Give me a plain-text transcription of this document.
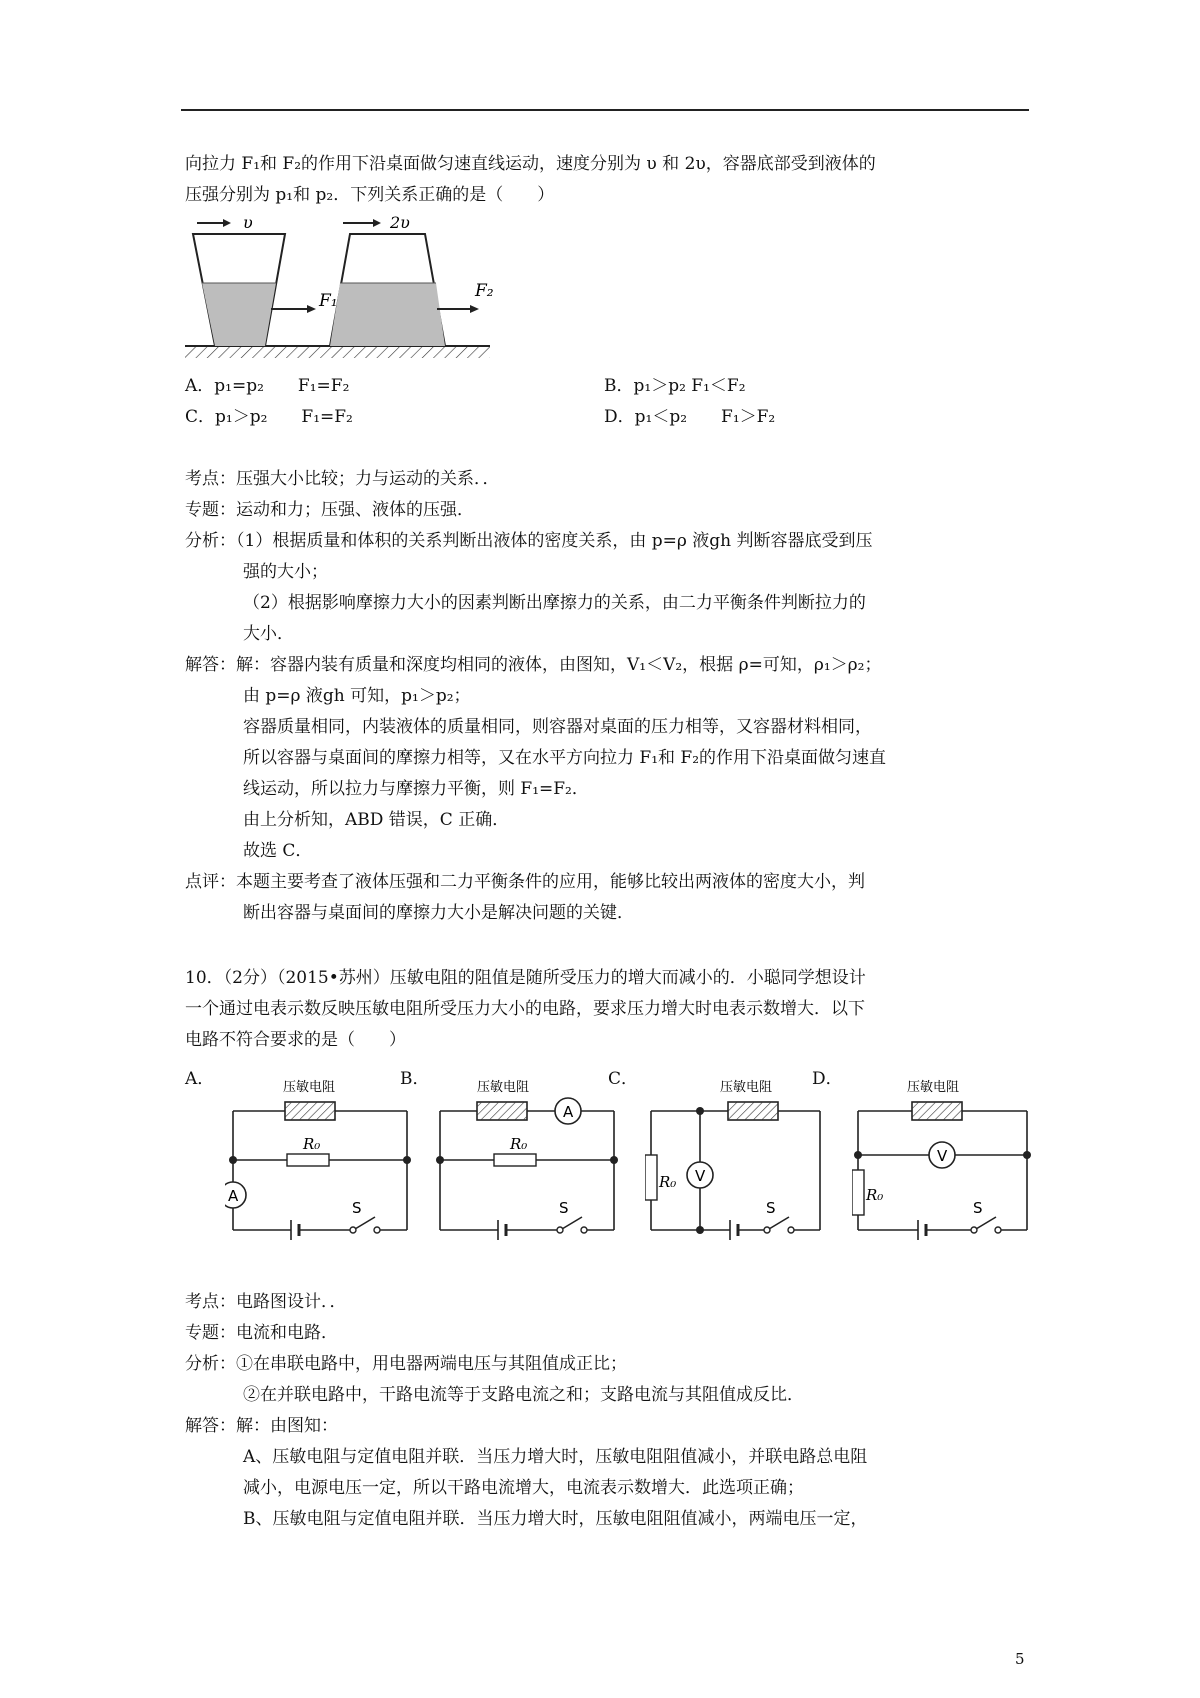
向拉力 F₁和 F₂的作用下沿桌面做匀速直线运动，速度分别为 υ 和 2υ，容器底部受到液体的
压强分别为 p₁和 p₂．下列关系正确的是（　　）
υ
F₁
2υ
F₂
A．p₁=p₂　　F₁=F₂	B．p₁＞p₂ F₁＜F₂
C．p₁＞p₂　　F₁=F₂	D．p₁＜p₂　　F₁＞F₂
考点：压强大小比较；力与运动的关系．．
专题：运动和力；压强、液体的压强．
分析：（1）根据质量和体积的关系判断出液体的密度关系，由 p=ρ 液gh 判断容器底受到压
强的大小；
（2）根据影响摩擦力大小的因素判断出摩擦力的关系，由二力平衡条件判断拉力的
大小．
解答：解：容器内装有质量和深度均相同的液体，由图知，V₁＜V₂，根据 ρ=可知，ρ₁＞ρ₂；
由 p=ρ 液gh 可知，p₁＞p₂；
容器质量相同，内装液体的质量相同，则容器对桌面的压力相等，又容器材料相同，
所以容器与桌面间的摩擦力相等，又在水平方向拉力 F₁和 F₂的作用下沿桌面做匀速直
线运动，所以拉力与摩擦力平衡，则 F₁=F₂．
由上分析知，ABD 错误，C 正确．
故选 C．
点评：本题主要考查了液体压强和二力平衡条件的应用，能够比较出两液体的密度大小，判
断出容器与桌面间的摩擦力大小是解决问题的关键．
10．（2分）（2015•苏州）压敏电阻的阻值是随所受压力的增大而减小的．小聪同学想设计
一个通过电表示数反映压敏电阻所受压力大小的电路，要求压力增大时电表示数增大．以下
电路不符合要求的是（　　）
A．	B．	C．	D．
压敏电阻
R₀
A
S
压敏电阻
A
R₀
S
压敏电阻
R₀ V
S
压敏电阻
V
R₀
S
考点：电路图设计．．
专题：电流和电路．
分析：①在串联电路中，用电器两端电压与其阻值成正比；
②在并联电路中，干路电流等于支路电流之和；支路电流与其阻值成反比．
解答：解：由图知：
A、压敏电阻与定值电阻并联．当压力增大时，压敏电阻阻值减小，并联电路总电阻
减小，电源电压一定，所以干路电流增大，电流表示数增大．此选项正确；
B、压敏电阻与定值电阻并联．当压力增大时，压敏电阻阻值减小，两端电压一定，
5
